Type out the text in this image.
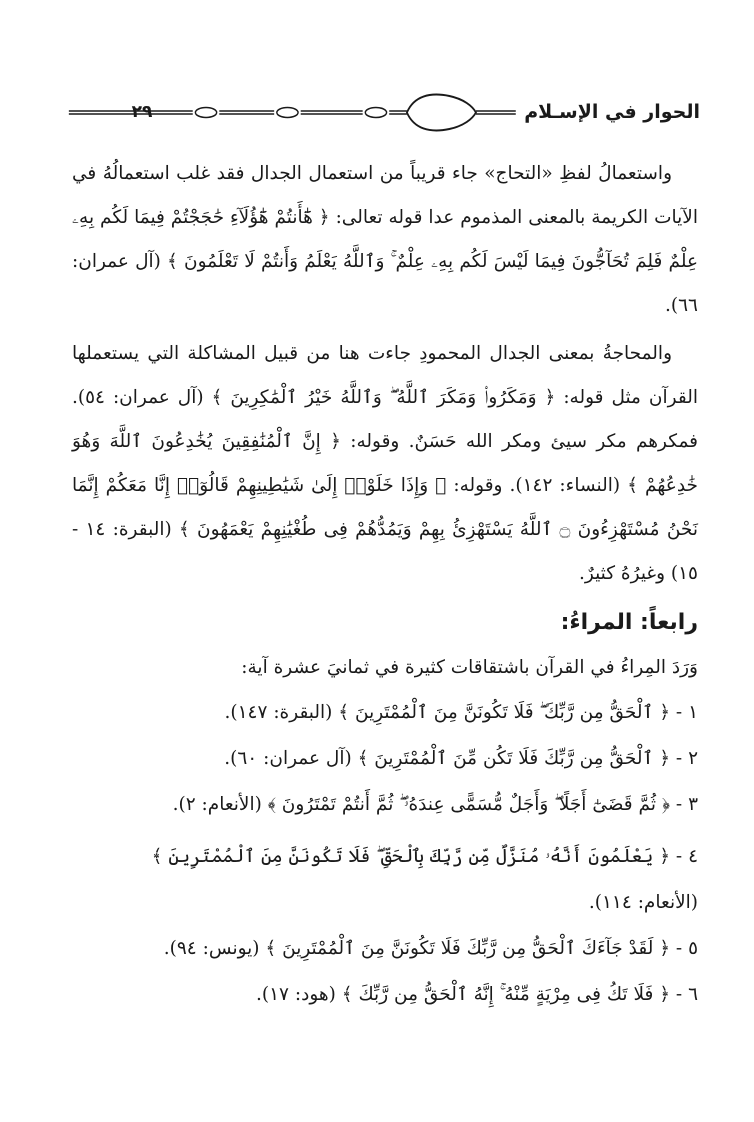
الحوار في الإسـلام
٢٩

واستعمالُ لفظِ «التحاج» جاء قريباً من استعمال الجدال فقد غلب استعمالُهُ في الآيات الكريمة بالمعنى المذموم عدا قوله تعالى: ﴿ هَٰٓأَنتُمْ هَٰٓؤُلَآءِ حَٰجَجْتُمْ فِيمَا لَكُم بِهِۦ عِلْمٌ فَلِمَ تُحَآجُّونَ فِيمَا لَيْسَ لَكُم بِهِۦ عِلْمٌ ۚ وَٱللَّهُ يَعْلَمُ وَأَنتُمْ لَا تَعْلَمُونَ ﴾ (آل عمران: ٦٦).

والمحاجةُ بمعنى الجدال المحمودِ جاءت هنا من قبيل المشاكلة التي يستعملها القرآن مثل قوله: ﴿ وَمَكَرُوا۟ وَمَكَرَ ٱللَّهُ ۖ وَٱللَّهُ خَيْرُ ٱلْمَٰكِرِينَ ﴾ (آل عمران: ٥٤). فمكرهم مكر سيئ ومكر الله حَسَنٌ. وقوله: ﴿ إِنَّ ٱلْمُنَٰفِقِينَ يُخَٰدِعُونَ ٱللَّهَ وَهُوَ خَٰدِعُهُمْ ﴾ (النساء: ١٤٢). وقوله: ﴿ وَإِذَا خَلَوْا۟ إِلَىٰ شَيَٰطِينِهِمْ قَالُوٓا۟ إِنَّا مَعَكُمْ إِنَّمَا نَحْنُ مُسْتَهْزِءُونَ ۝ ٱللَّهُ يَسْتَهْزِئُ بِهِمْ وَيَمُدُّهُمْ فِى طُغْيَٰنِهِمْ يَعْمَهُونَ ﴾ (البقرة: ١٤ - ١٥) وغيرُهُ كثيرٌ.

رابعاً: المراءُ:

وَرَدَ المِراءُ في القرآن باشتقاقات كثيرة في ثمانيَ عشرة آية:

١ - ﴿ ٱلْحَقُّ مِن رَّبِّكَ ۖ فَلَا تَكُونَنَّ مِنَ ٱلْمُمْتَرِينَ ﴾ (البقرة: ١٤٧).

٢ - ﴿ ٱلْحَقُّ مِن رَّبِّكَ فَلَا تَكُن مِّنَ ٱلْمُمْتَرِينَ ﴾ (آل عمران: ٦٠).

٣ - ﴿ ثُمَّ قَضَىٰٓ أَجَلًا ۖ وَأَجَلٌ مُّسَمًّى عِندَهُۥ ۖ ثُمَّ أَنتُمْ تَمْتَرُونَ ﴾ (الأنعام: ٢).

٤ - ﴿ يَعْلَمُونَ أَنَّهُۥ مُنَزَّلٌ مِّن رَّبِّكَ بِٱلْحَقِّ ۖ فَلَا تَكُونَنَّ مِنَ ٱلْمُمْتَرِينَ ﴾

(الأنعام: ١١٤).

٥ - ﴿ لَقَدْ جَآءَكَ ٱلْحَقُّ مِن رَّبِّكَ فَلَا تَكُونَنَّ مِنَ ٱلْمُمْتَرِينَ ﴾ (يونس: ٩٤).

٦ - ﴿ فَلَا تَكُ فِى مِرْيَةٍ مِّنْهُ ۚ إِنَّهُ ٱلْحَقُّ مِن رَّبِّكَ ﴾ (هود: ١٧).
